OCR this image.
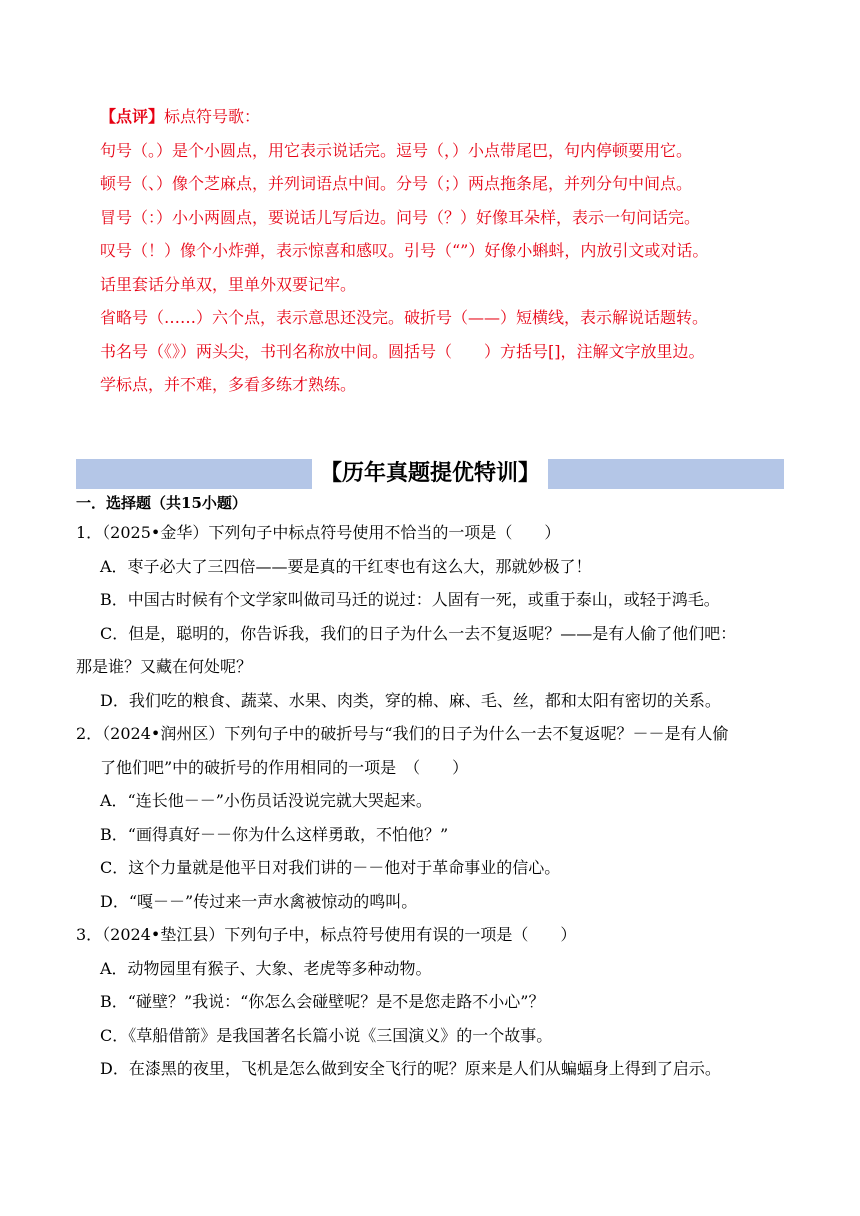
【点评】标点符号歌：
句号（。）是个小圆点，用它表示说话完。逗号（，）小点带尾巴，句内停顿要用它。
顿号（、）像个芝麻点，并列词语点中间。分号（；）两点拖条尾，并列分句中间点。
冒号（：）小小两圆点，要说话儿写后边。问号（？）好像耳朵样，表示一句问话完。
叹号（！）像个小炸弹，表示惊喜和感叹。引号（“”）好像小蝌蚪，内放引文或对话。
话里套话分单双，里单外双要记牢。
省略号（……）六个点，表示意思还没完。破折号（——）短横线，表示解说话题转。
书名号（《》）两头尖，书刊名称放中间。圆括号（　　）方括号[]，注解文字放里边。
学标点，并不难，多看多练才熟练。
【历年真题提优特训】
一．选择题（共15小题）
1．（2025•金华）下列句子中标点符号使用不恰当的一项是（　　）
A．枣子必大了三四倍——要是真的干红枣也有这么大，那就妙极了！
B．中国古时候有个文学家叫做司马迁的说过：人固有一死，或重于泰山，或轻于鸿毛。
C．但是，聪明的，你告诉我，我们的日子为什么一去不复返呢？——是有人偷了他们吧：
那是谁？又藏在何处呢？
D．我们吃的粮食、蔬菜、水果、肉类，穿的棉、麻、毛、丝，都和太阳有密切的关系。
2．（2024•润州区）下列句子中的破折号与“我们的日子为什么一去不复返呢？－－是有人偷
了他们吧”中的破折号的作用相同的一项是　（　　）
A．“连长他－－”小伤员话没说完就大哭起来。
B．“画得真好－－你为什么这样勇敢，不怕他？”
C．这个力量就是他平日对我们讲的－－他对于革命事业的信心。
D．“嘎－－”传过来一声水禽被惊动的鸣叫。
3．（2024•垫江县）下列句子中，标点符号使用有误的一项是（　　）
A．动物园里有猴子、大象、老虎等多种动物。
B．“碰壁？”我说：“你怎么会碰壁呢？是不是您走路不小心”？
C．《草船借箭》是我国著名长篇小说《三国演义》的一个故事。
D．在漆黑的夜里，飞机是怎么做到安全飞行的呢？原来是人们从蝙蝠身上得到了启示。
